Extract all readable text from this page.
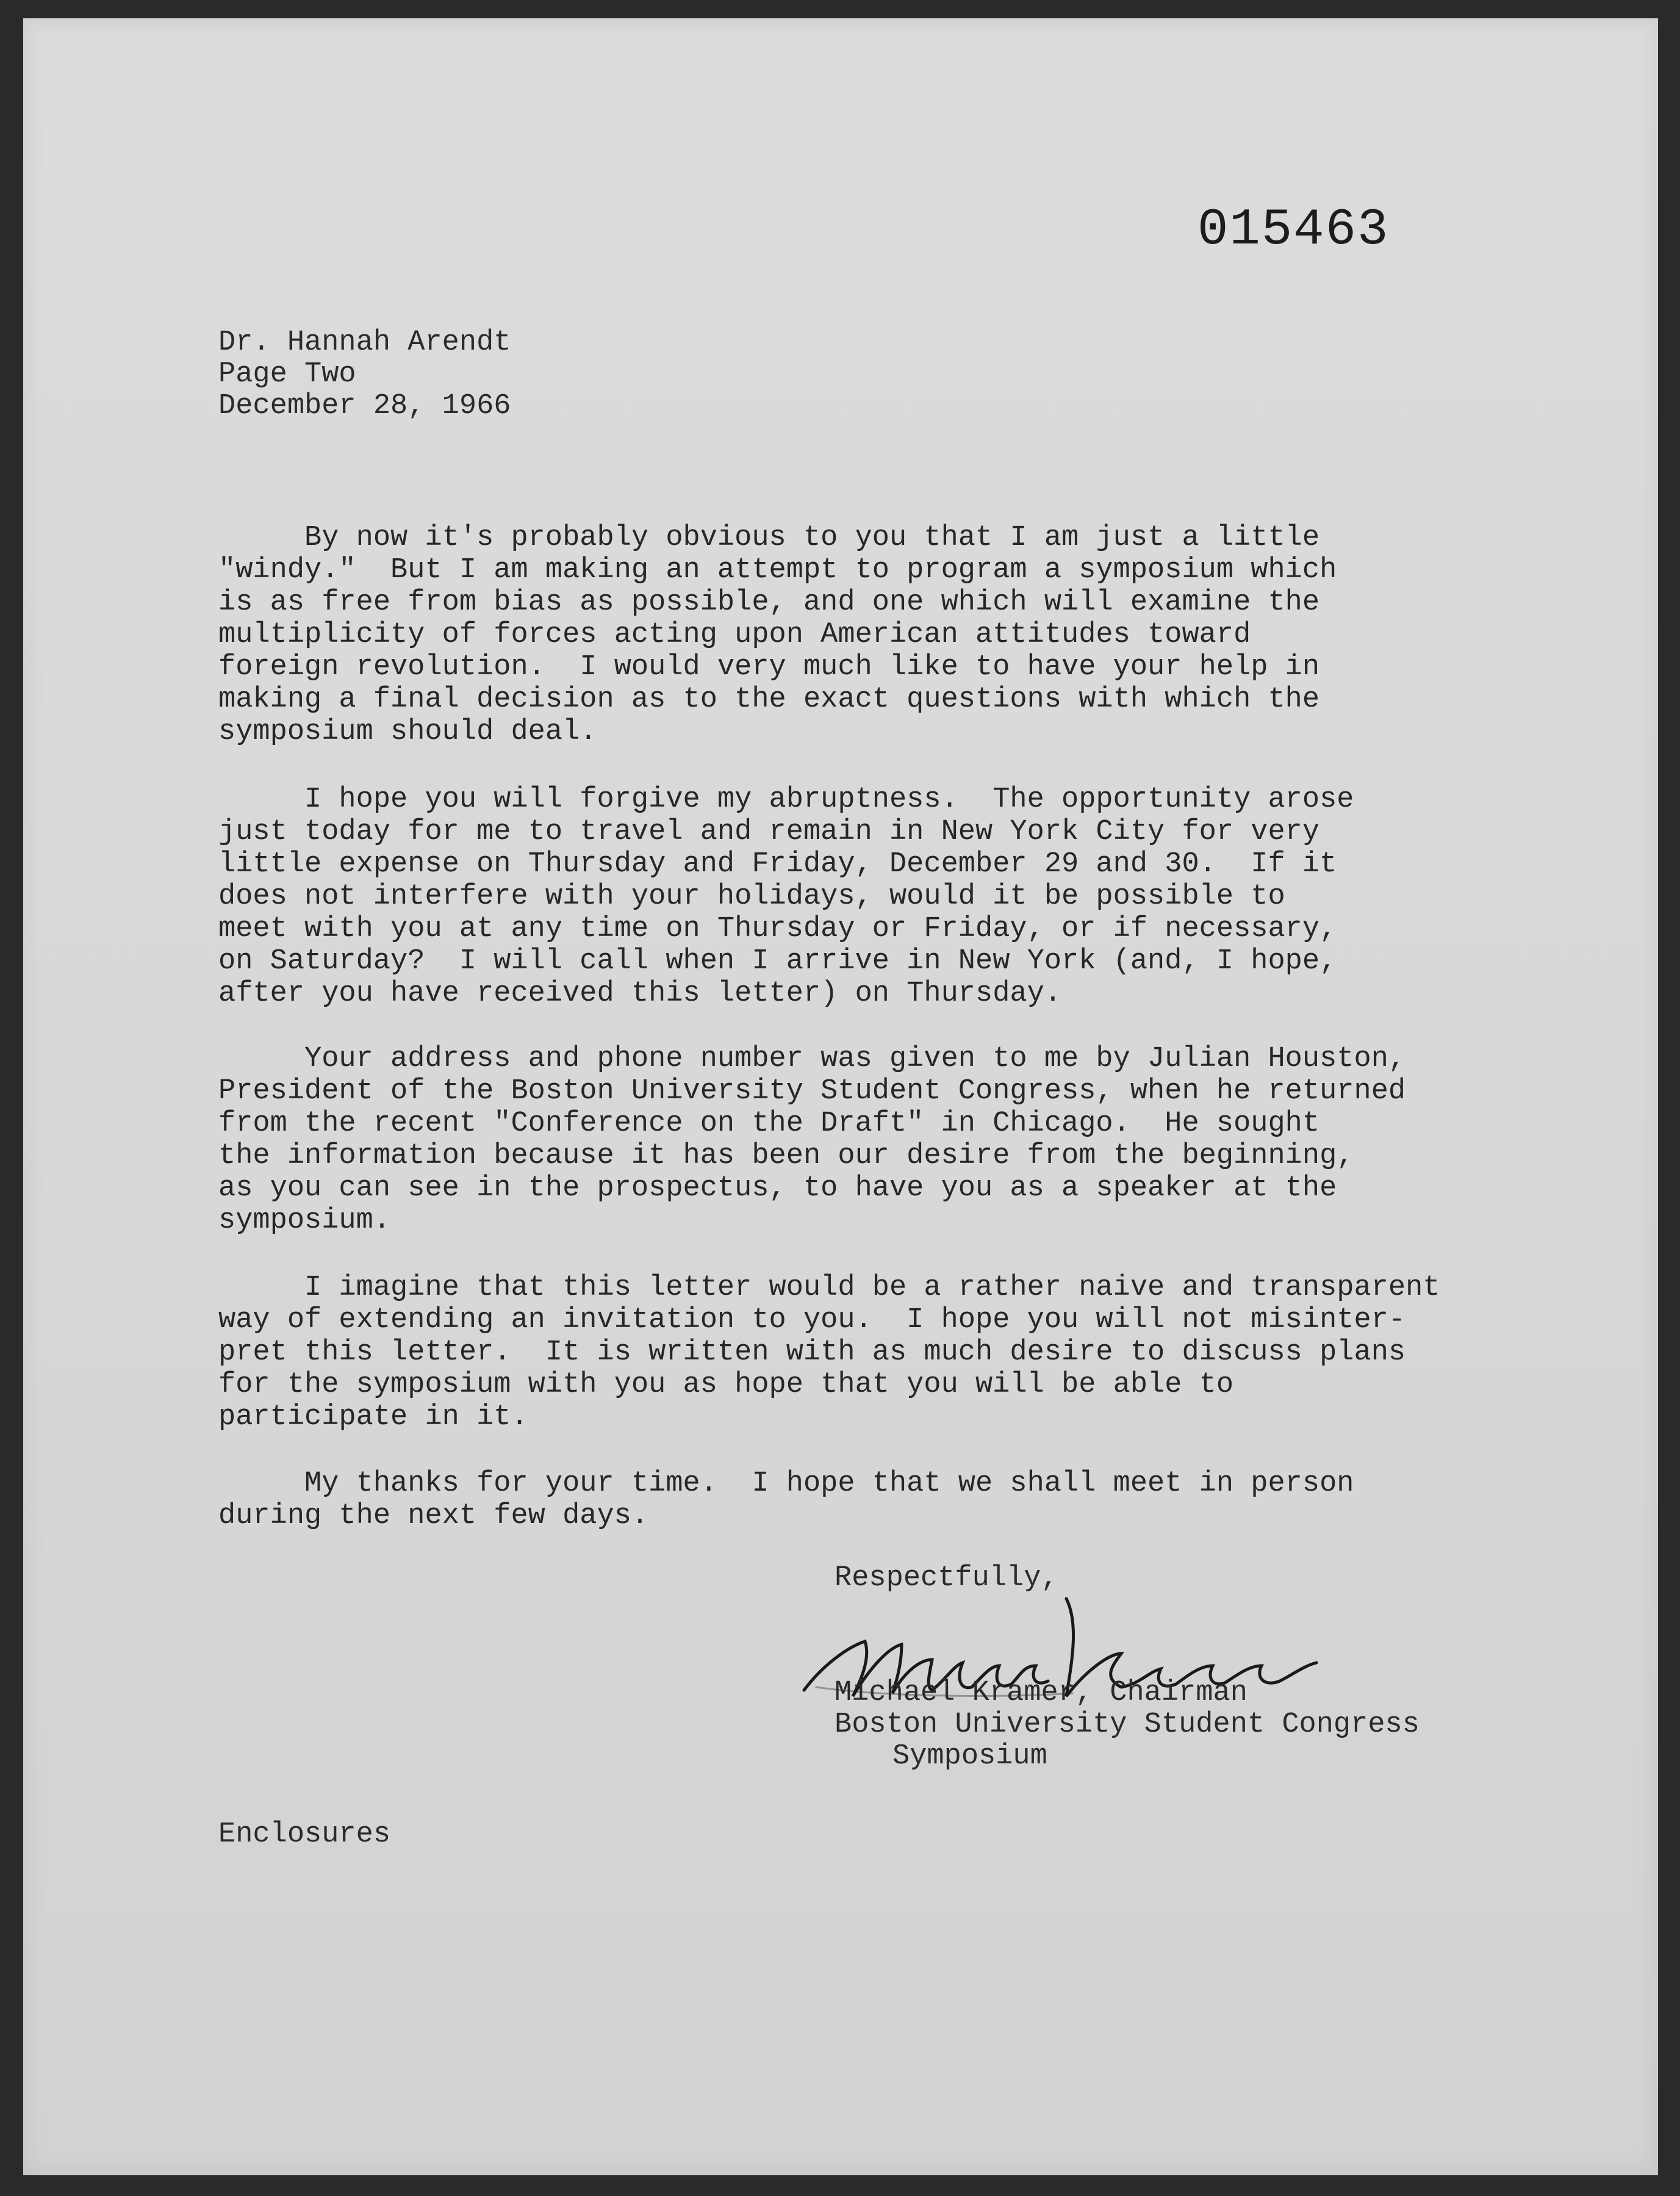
015463
Dr. Hannah Arendt
Page Two
December 28, 1966
By now it's probably obvious to you that I am just a little
"windy."  But I am making an attempt to program a symposium which
is as free from bias as possible, and one which will examine the
multiplicity of forces acting upon American attitudes toward
foreign revolution.  I would very much like to have your help in
making a final decision as to the exact questions with which the
symposium should deal.
I hope you will forgive my abruptness.  The opportunity arose
just today for me to travel and remain in New York City for very
little expense on Thursday and Friday, December 29 and 30.  If it
does not interfere with your holidays, would it be possible to
meet with you at any time on Thursday or Friday, or if necessary,
on Saturday?  I will call when I arrive in New York (and, I hope,
after you have received this letter) on Thursday.
Your address and phone number was given to me by Julian Houston,
President of the Boston University Student Congress, when he returned
from the recent "Conference on the Draft" in Chicago.  He sought
the information because it has been our desire from the beginning,
as you can see in the prospectus, to have you as a speaker at the
symposium.
I imagine that this letter would be a rather naive and transparent
way of extending an invitation to you.  I hope you will not misinter-
pret this letter.  It is written with as much desire to discuss plans
for the symposium with you as hope that you will be able to
participate in it.
My thanks for your time.  I hope that we shall meet in person
during the next few days.
Respectfully,
Michael Kramer, Chairman
Boston University Student Congress
Symposium
Enclosures
